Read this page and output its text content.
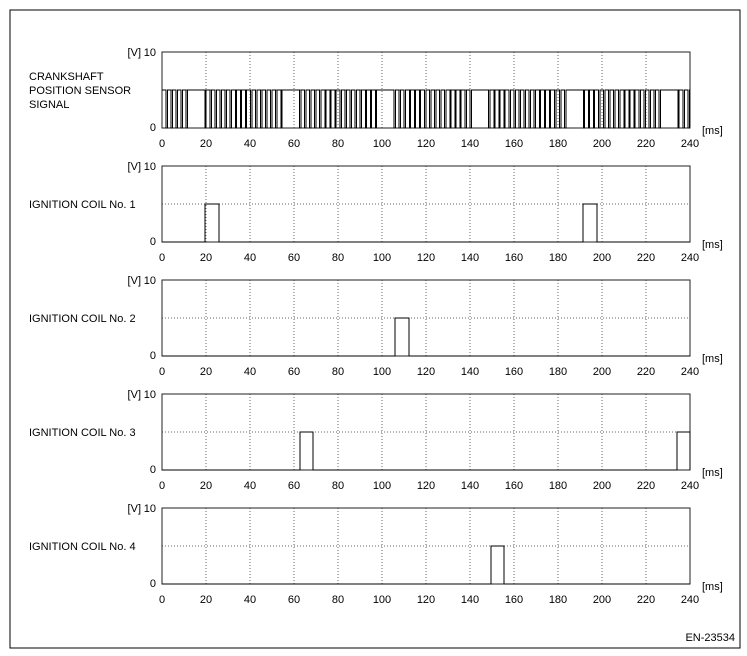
CRANKSHAFT
POSITION SENSOR
SIGNAL
[V]
0
10
0	20	40	60	80	100 120 140 160 180 200 220 240
[ms]
IGNITION COIL No. 1
[V]
0
10
0	20	40	60	80	100 120 140 160 180 200 220 240
[ms]
IGNITION COIL No. 2
[V]
0
10
0	20	40	60	80	100 120 140 160 180 200 220 240
[ms]
IGNITION COIL No. 3
[V]
0
10
0	20	40	60	80	100 120 140 160 180 200 220 240
[ms]
IGNITION COIL No. 4
[V]
0
10
0	20	40	60	80	100 120 140 160 180 200 220 240
[ms]
EN-23534
